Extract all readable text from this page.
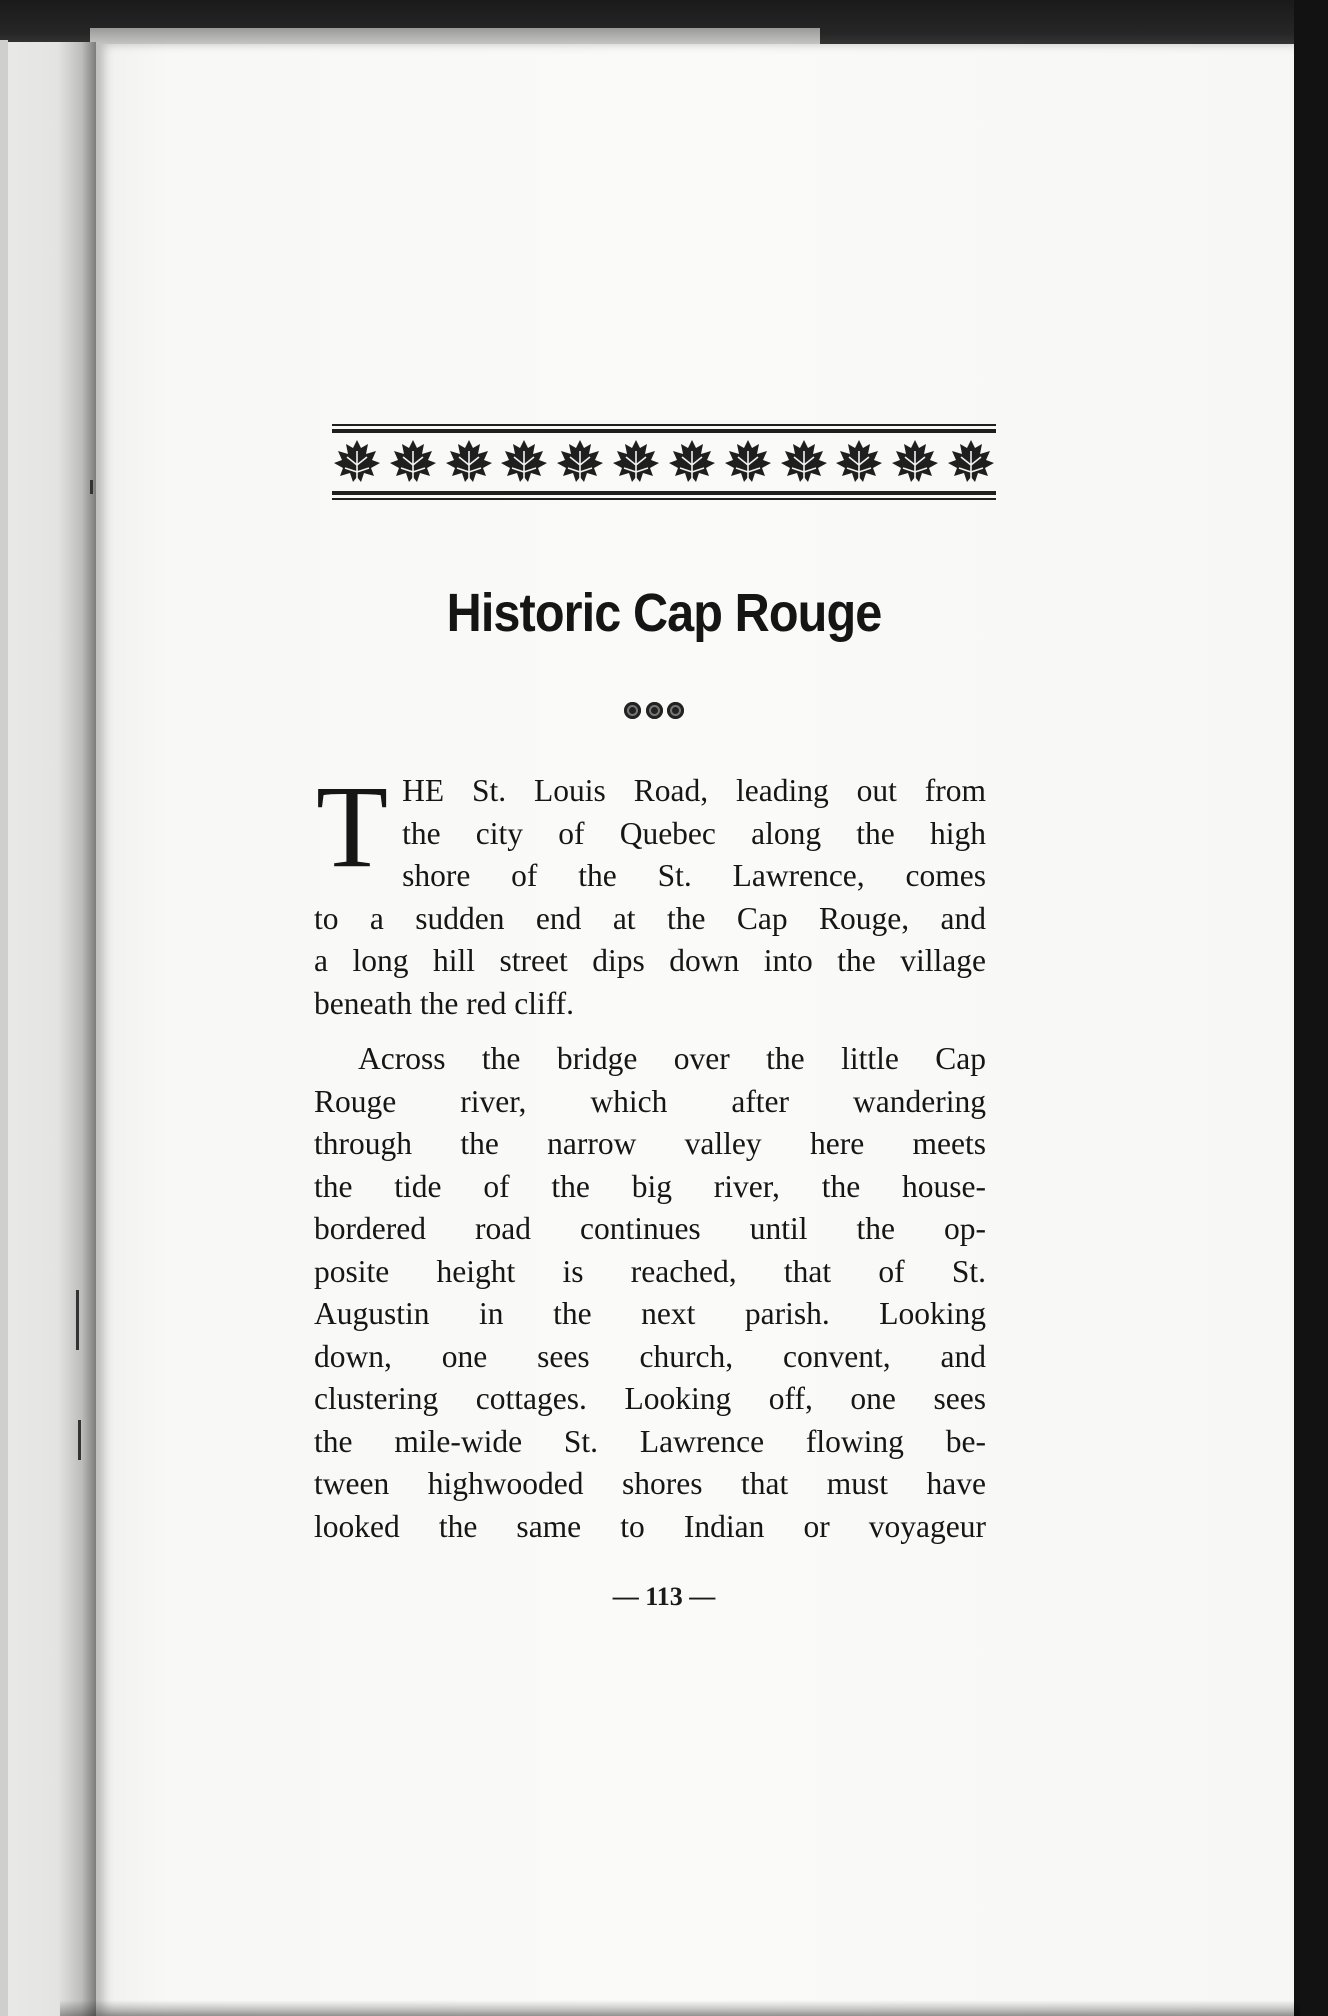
Historic Cap Rouge
T HE St. Louis Road, leading out from
the city of Quebec along the high
shore of the St. Lawrence, comes
to a sudden end at the Cap Rouge, and
a long hill street dips down into the village
beneath the red cliff.
Across the bridge over the little Cap
Rouge river, which after wandering
through the narrow valley here meets
the tide of the big river, the house-
bordered road continues until the op-
posite height is reached, that of St.
Augustin in the next parish. Looking
down, one sees church, convent, and
clustering cottages. Looking off, one sees
the mile-wide St. Lawrence flowing be-
tween highwooded shores that must have
looked the same to Indian or voyageur

— 113 —
